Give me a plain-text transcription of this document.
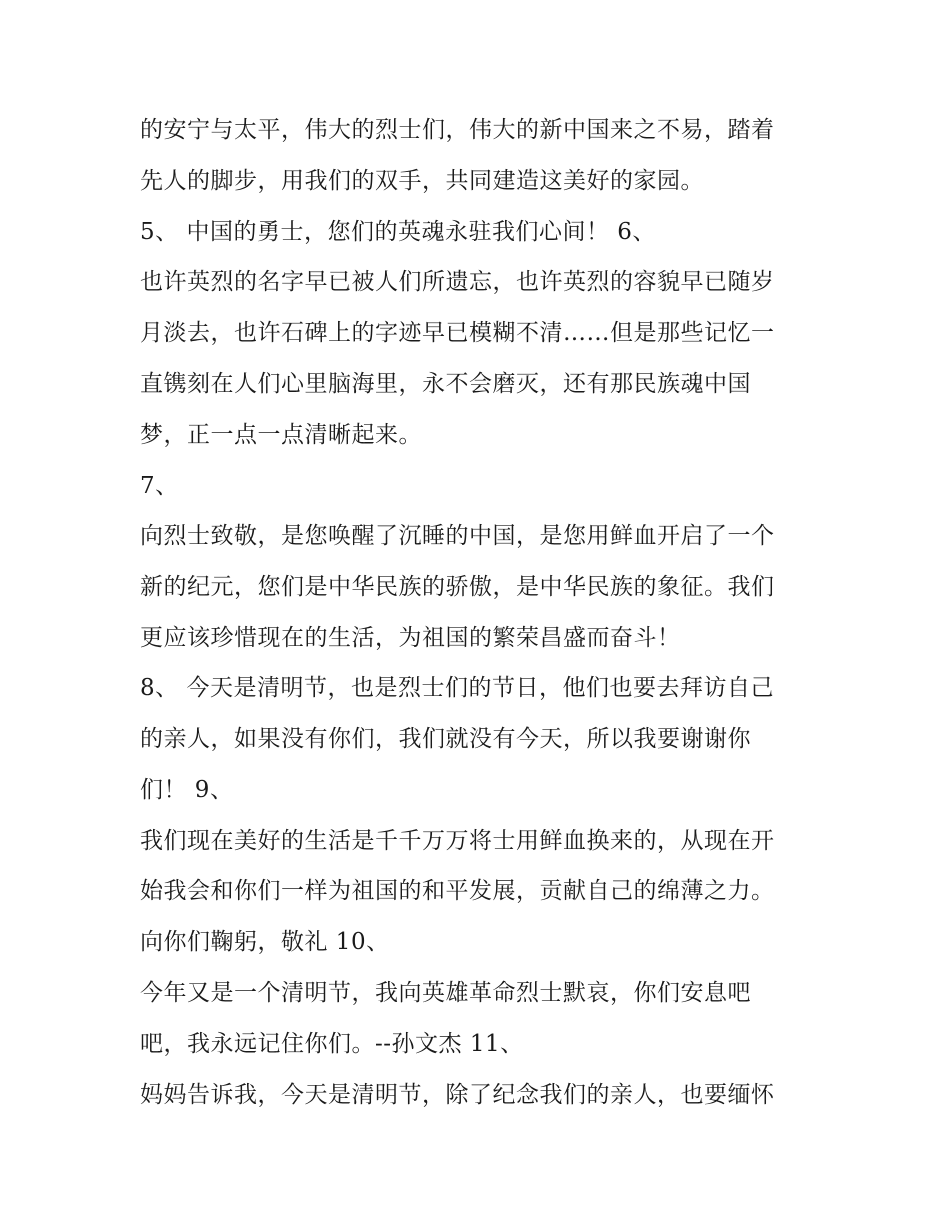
的安宁与太平，伟大的烈士们，伟大的新中国来之不易，踏着
先人的脚步，用我们的双手，共同建造这美好的家园。
5、 中国的勇士，您们的英魂永驻我们心间！ 6、
也许英烈的名字早已被人们所遗忘，也许英烈的容貌早已随岁
月淡去，也许石碑上的字迹早已模糊不清……但是那些记忆一
直镌刻在人们心里脑海里，永不会磨灭，还有那民族魂中国
梦，正一点一点清晰起来。
7、
向烈士致敬，是您唤醒了沉睡的中国，是您用鲜血开启了一个
新的纪元，您们是中华民族的骄傲，是中华民族的象征。我们
更应该珍惜现在的生活，为祖国的繁荣昌盛而奋斗！
8、 今天是清明节，也是烈士们的节日，他们也要去拜访自己
的亲人，如果没有你们，我们就没有今天，所以我要谢谢你
们！ 9、
我们现在美好的生活是千千万万将士用鲜血换来的，从现在开
始我会和你们一样为祖国的和平发展，贡献自己的绵薄之力。
向你们鞠躬，敬礼 10、
今年又是一个清明节，我向英雄革命烈士默哀，你们安息吧
吧，我永远记住你们。--孙文杰 11、
妈妈告诉我，今天是清明节，除了纪念我们的亲人，也要缅怀
